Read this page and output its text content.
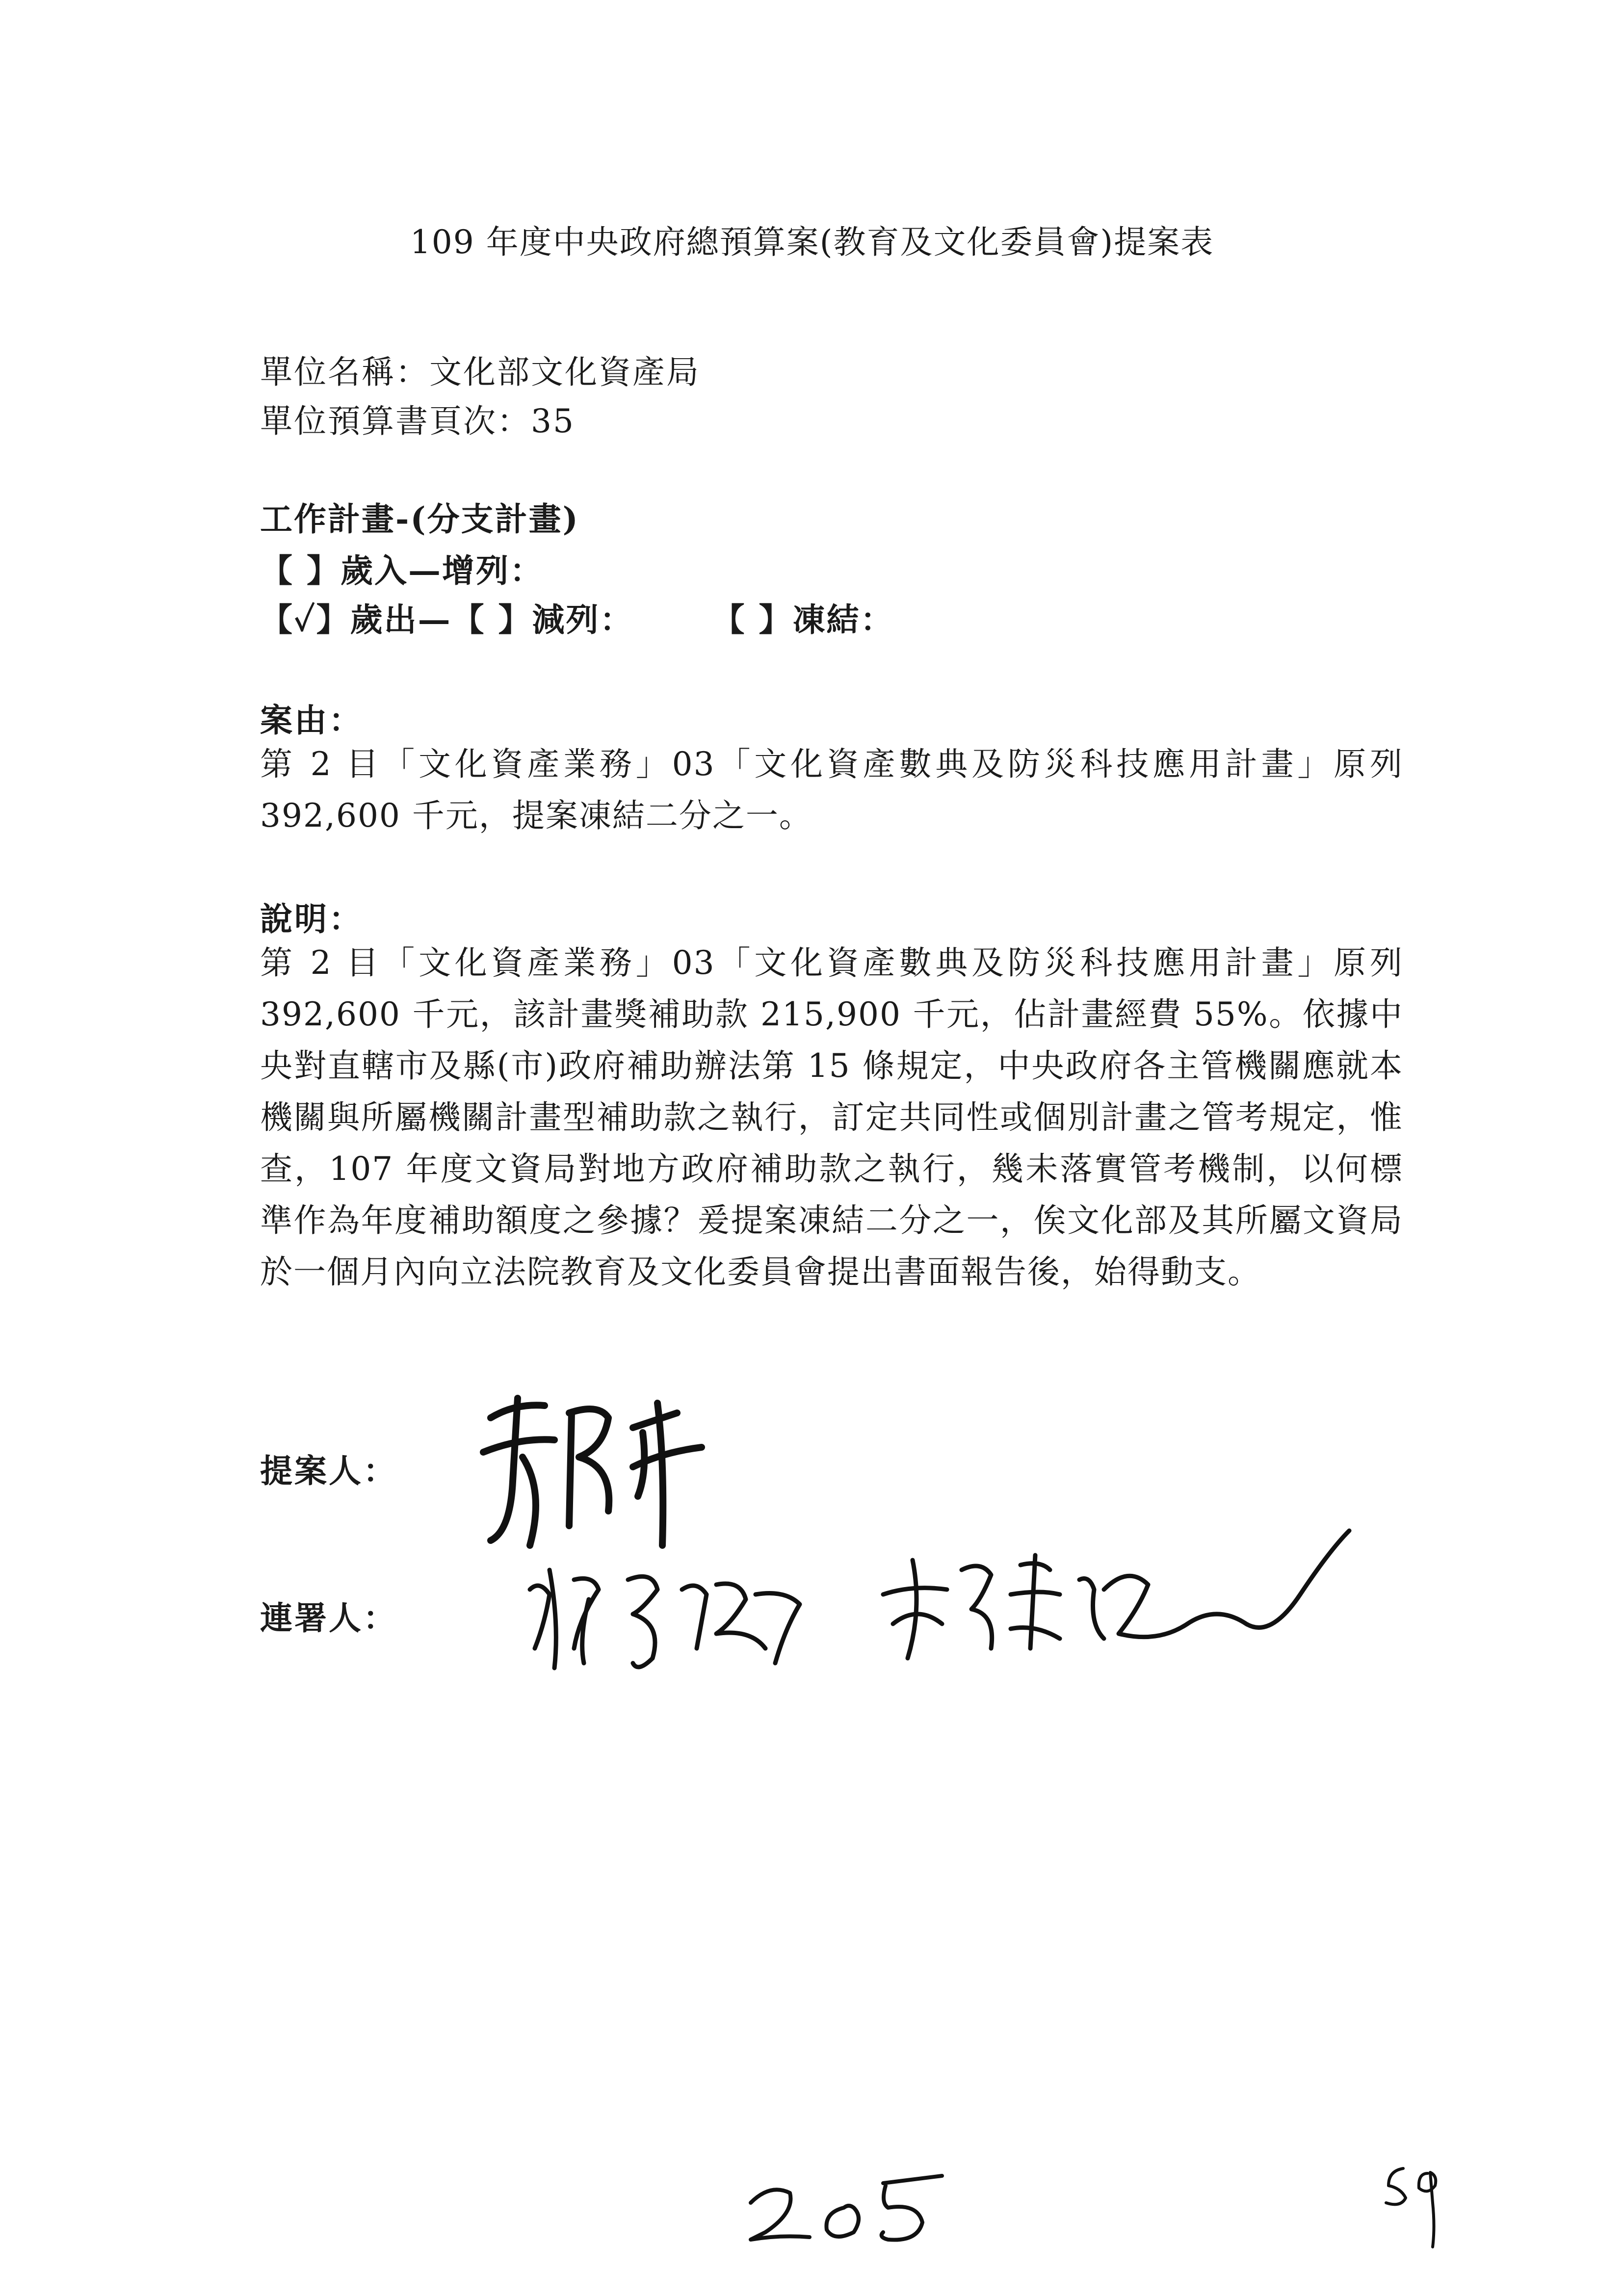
109 年度中央政府總預算案(教育及文化委員會)提案表
單位名稱：文化部文化資產局
單位預算書頁次：35
工作計畫-(分支計畫)
【 】歲入—增列：
【✓】歲出—【 】減列： 【 】凍結：
案由：
第 2 目「文化資產業務」03「文化資產數典及防災科技應用計畫」原列 392,600 千元，提案凍結二分之一。
說明：
第 2 目「文化資產業務」03「文化資產數典及防災科技應用計畫」原列 392,600 千元，該計畫獎補助款 215,900 千元，佔計畫經費 55%。依據中央對直轄市及縣(市)政府補助辦法第 15 條規定，中央政府各主管機關應就本機關與所屬機關計畫型補助款之執行，訂定共同性或個別計畫之管考規定，惟查，107 年度文資局對地方政府補助款之執行，幾未落實管考機制，以何標準作為年度補助額度之參據？爰提案凍結二分之一，俟文化部及其所屬文資局於一個月內向立法院教育及文化委員會提出書面報告後，始得動支。
提案人：
連署人：
